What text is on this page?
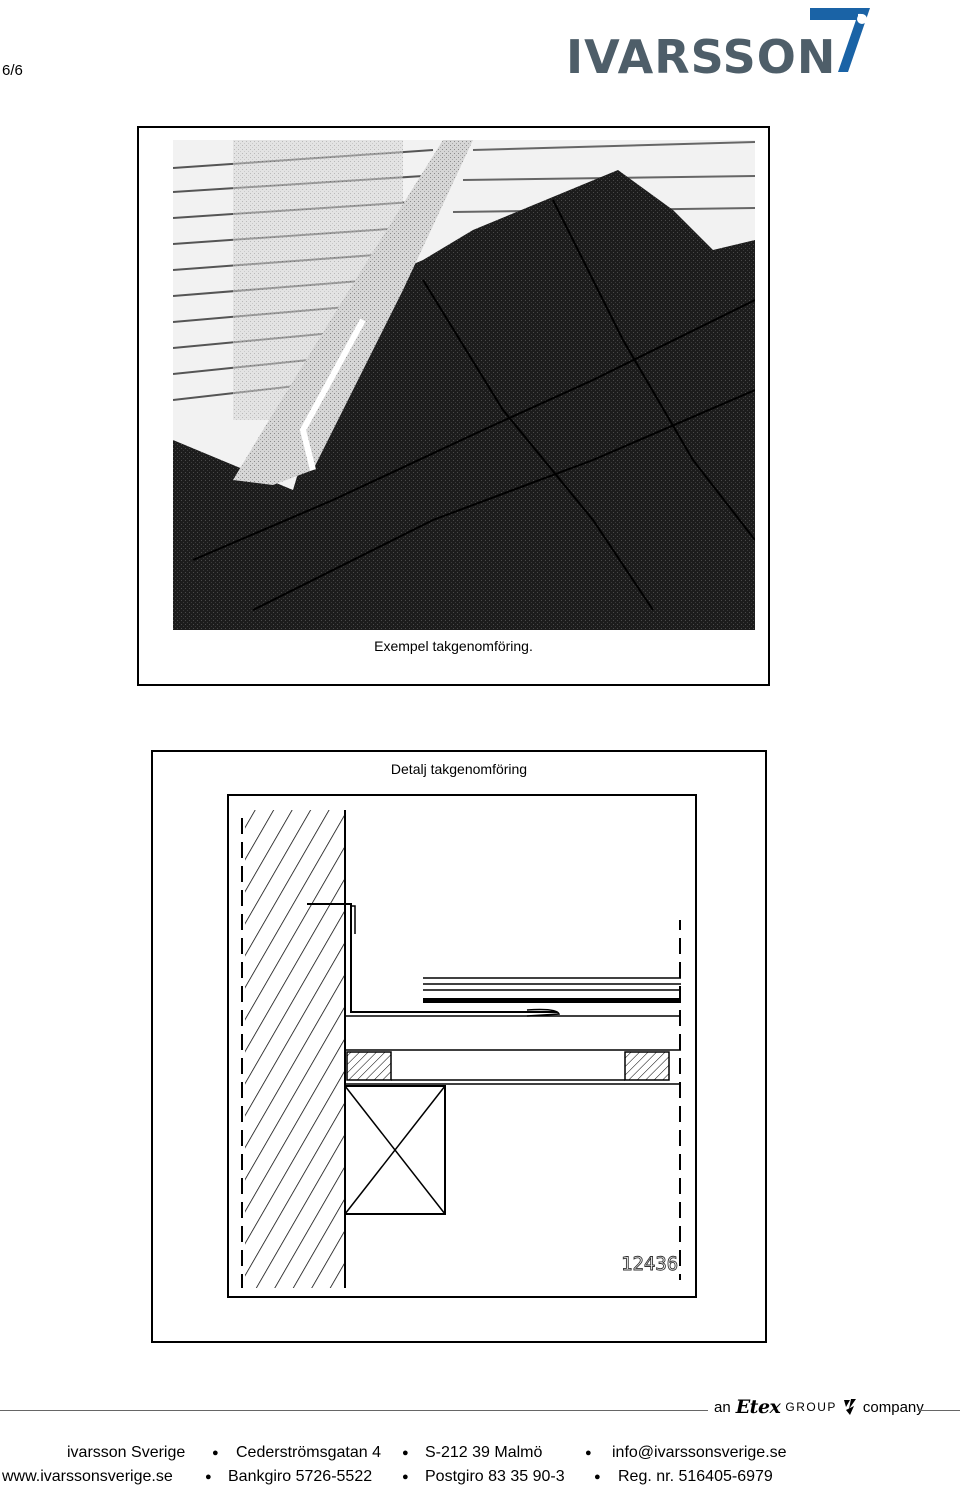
6/6	IVARSSON
Exempel takgenomföring.
Detalj takgenomföring
12436
an Etex GROUP company
ivarsson Sverige ● Cederströmsgatan 4 ● S-212 39 Malmö	● info@ivarssonsverige.se
www.ivarssonsverige.se	● Bankgiro 5726-5522	● Postgiro 83 35 90-3	● Reg. nr. 516405-6979
